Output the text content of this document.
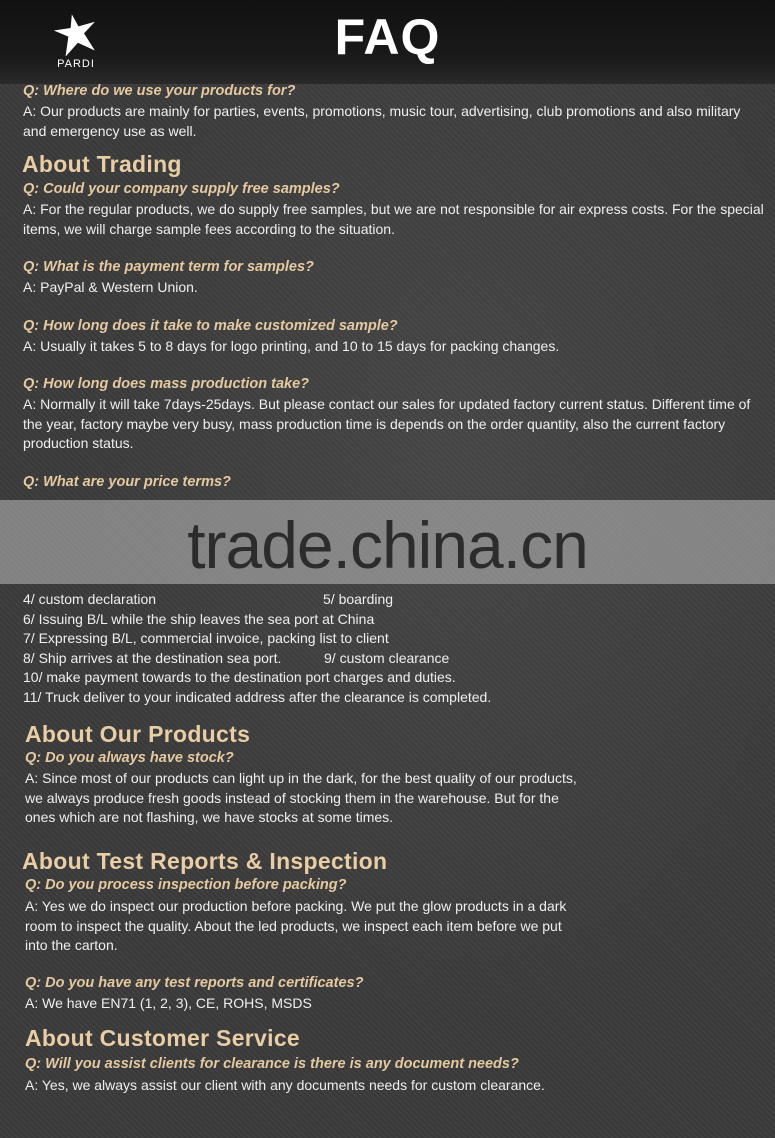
PARDI	FAQ
Q: Where do we use your products for?
A: Our products are mainly for parties, events, promotions, music tour, advertising, club promotions and also military and emergency use as well.
About Trading
Q: Could your company supply free samples?
A: For the regular products, we do supply free samples, but we are not responsible for air express costs. For the special items, we will charge sample fees according to the situation.
Q: What is the payment term for samples?
A: PayPal & Western Union.
Q: How long does it take to make customized sample?
A: Usually it takes 5 to 8 days for logo printing, and 10 to 15 days for packing changes.
Q: How long does mass production take?
A: Normally it will take 7days-25days. But please contact our sales for updated factory current status. Different time of the year, factory maybe very busy, mass production time is depends on the order quantity, also the current factory production status.
Q: What are your price terms?
trade.china.cn
4/ custom declaration	5/ boarding
6/ Issuing B/L while the ship leaves the sea port at China
7/ Expressing B/L, commercial invoice, packing list to client
8/ Ship arrives at the destination sea port.	9/ custom clearance
10/ make payment towards to the destination port charges and duties.
11/ Truck deliver to your indicated address after the clearance is completed.
About Our Products
Q: Do you always have stock?
A: Since most of our products can light up in the dark, for the best quality of our products, we always produce fresh goods instead of stocking them in the warehouse. But for the ones which are not flashing, we have stocks at some times.
About Test Reports & Inspection
Q: Do you process inspection before packing?
A: Yes we do inspect our production before packing. We put the glow products in a dark room to inspect the quality. About the led products, we inspect each item before we put into the carton.
Q: Do you have any test reports and certificates?
A: We have EN71 (1, 2, 3), CE, ROHS, MSDS
About Customer Service
Q: Will you assist clients for clearance is there is any document needs?
A: Yes, we always assist our client with any documents needs for custom clearance.
